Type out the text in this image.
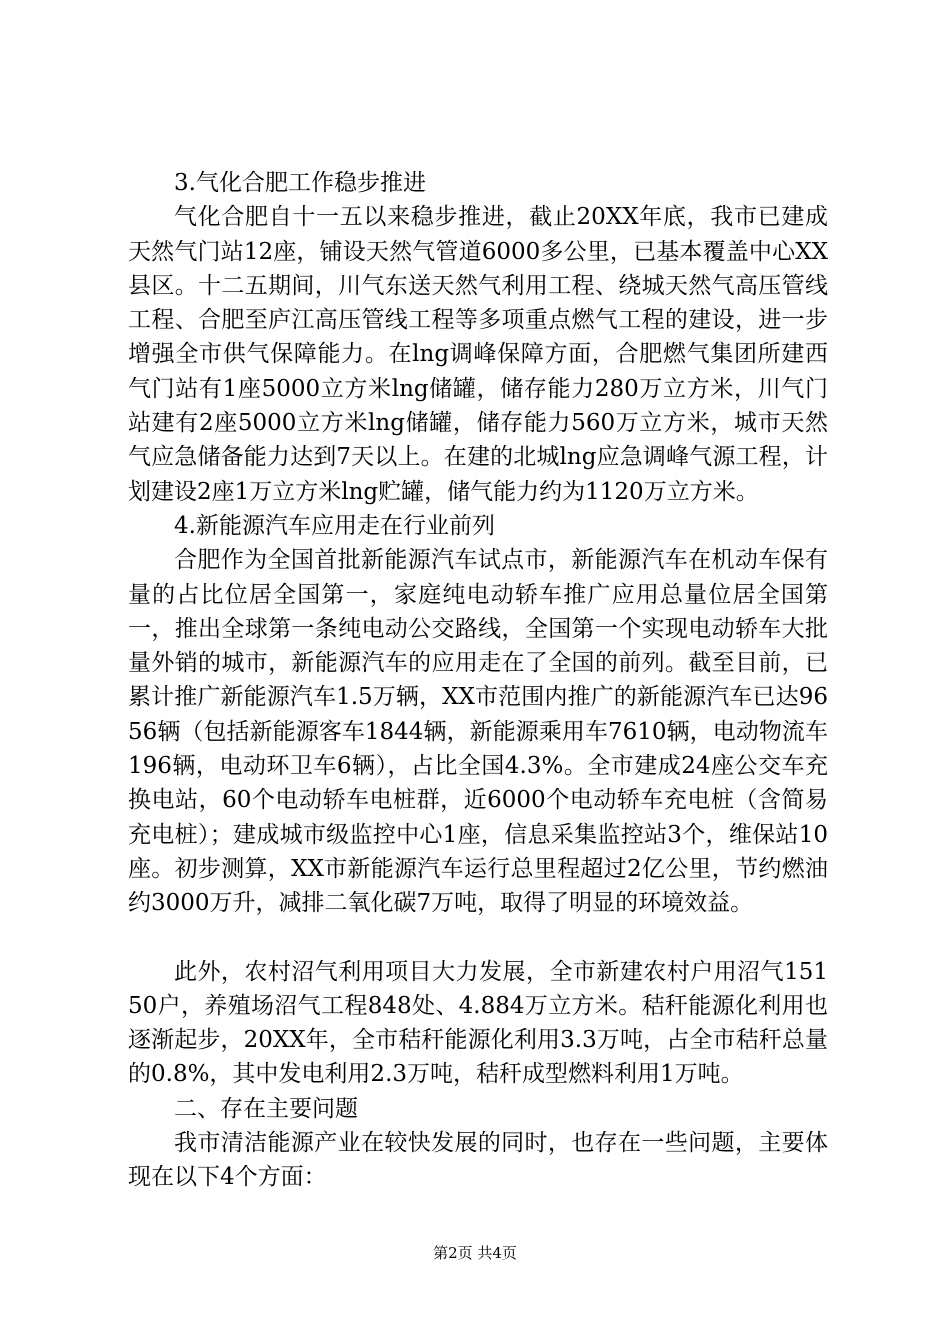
3.气化合肥工作稳步推进

气化合肥自十一五以来稳步推进，截止20XX年底，我市已建成天然气门站12座，铺设天然气管道6000多公里，已基本覆盖中心XX县区。十二五期间，川气东送天然气利用工程、绕城天然气高压管线工程、合肥至庐江高压管线工程等多项重点燃气工程的建设，进一步增强全市供气保障能力。在lng调峰保障方面，合肥燃气集团所建西气门站有1座5000立方米lng储罐，储存能力280万立方米，川气门站建有2座5000立方米lng储罐，储存能力560万立方米，城市天然气应急储备能力达到7天以上。在建的北城lng应急调峰气源工程，计划建设2座1万立方米lng贮罐，储气能力约为1120万立方米。

4.新能源汽车应用走在行业前列

合肥作为全国首批新能源汽车试点市，新能源汽车在机动车保有量的占比位居全国第一，家庭纯电动轿车推广应用总量位居全国第一，推出全球第一条纯电动公交路线，全国第一个实现电动轿车大批量外销的城市，新能源汽车的应用走在了全国的前列。截至目前，已累计推广新能源汽车1.5万辆，XX市范围内推广的新能源汽车已达9656辆（包括新能源客车1844辆，新能源乘用车7610辆，电动物流车196辆，电动环卫车6辆），占比全国4.3%。全市建成24座公交车充换电站，60个电动轿车电桩群，近6000个电动轿车充电桩（含简易充电桩）；建成城市级监控中心1座，信息采集监控站3个，维保站10座。初步测算，XX市新能源汽车运行总里程超过2亿公里，节约燃油约3000万升，减排二氧化碳7万吨，取得了明显的环境效益。

此外，农村沼气利用项目大力发展，全市新建农村户用沼气15150户，养殖场沼气工程848处、4.884万立方米。秸秆能源化利用也逐渐起步，20XX年，全市秸秆能源化利用3.3万吨，占全市秸秆总量的0.8%，其中发电利用2.3万吨，秸秆成型燃料利用1万吨。

二、存在主要问题

我市清洁能源产业在较快发展的同时，也存在一些问题，主要体现在以下4个方面：

第2页 共4页
